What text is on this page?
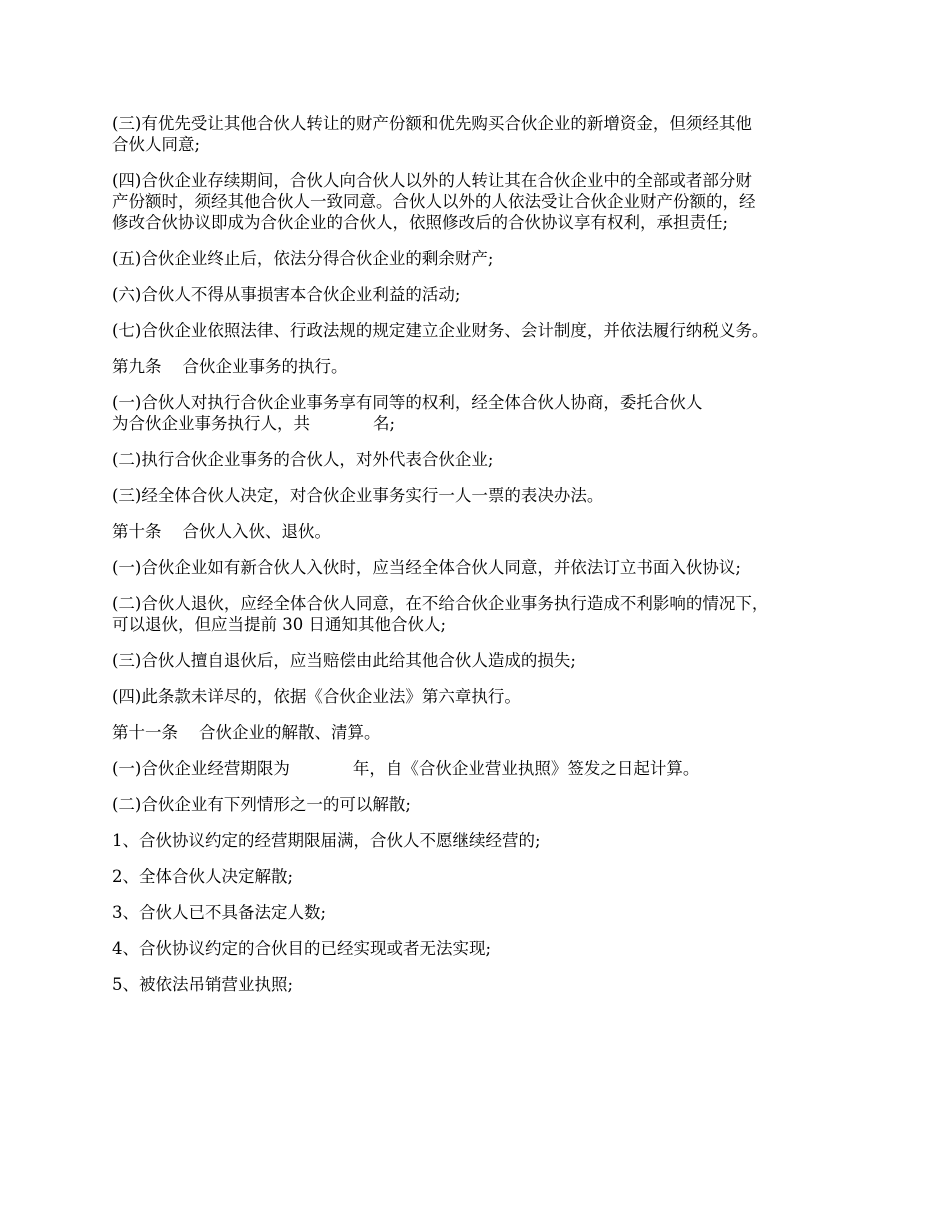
(三)有优先受让其他合伙人转让的财产份额和优先购买合伙企业的新增资金，但须经其他
合伙人同意;

(四)合伙企业存续期间，合伙人向合伙人以外的人转让其在合伙企业中的全部或者部分财
产份额时，须经其他合伙人一致同意。合伙人以外的人依法受让合伙企业财产份额的，经
修改合伙协议即成为合伙企业的合伙人，依照修改后的合伙协议享有权利，承担责任;

(五)合伙企业终止后，依法分得合伙企业的剩余财产;

(六)合伙人不得从事损害本合伙企业利益的活动;

(七)合伙企业依照法律、行政法规的规定建立企业财务、会计制度，并依法履行纳税义务。

第九条    合伙企业事务的执行。

(一)合伙人对执行合伙企业事务享有同等的权利，经全体合伙人协商，委托合伙人
为合伙企业事务执行人，共            名;

(二)执行合伙企业事务的合伙人，对外代表合伙企业;

(三)经全体合伙人决定，对合伙企业事务实行一人一票的表决办法。

第十条    合伙人入伙、退伙。

(一)合伙企业如有新合伙人入伙时，应当经全体合伙人同意，并依法订立书面入伙协议;

(二)合伙人退伙，应经全体合伙人同意，在不给合伙企业事务执行造成不利影响的情况下，
可以退伙，但应当提前 30 日通知其他合伙人;

(三)合伙人擅自退伙后，应当赔偿由此给其他合伙人造成的损失;

(四)此条款未详尽的，依据《合伙企业法》第六章执行。

第十一条    合伙企业的解散、清算。

(一)合伙企业经营期限为            年，自《合伙企业营业执照》签发之日起计算。

(二)合伙企业有下列情形之一的可以解散;

1、合伙协议约定的经营期限届满，合伙人不愿继续经营的;

2、全体合伙人决定解散;

3、合伙人已不具备法定人数;

4、合伙协议约定的合伙目的已经实现或者无法实现;

5、被依法吊销营业执照;
